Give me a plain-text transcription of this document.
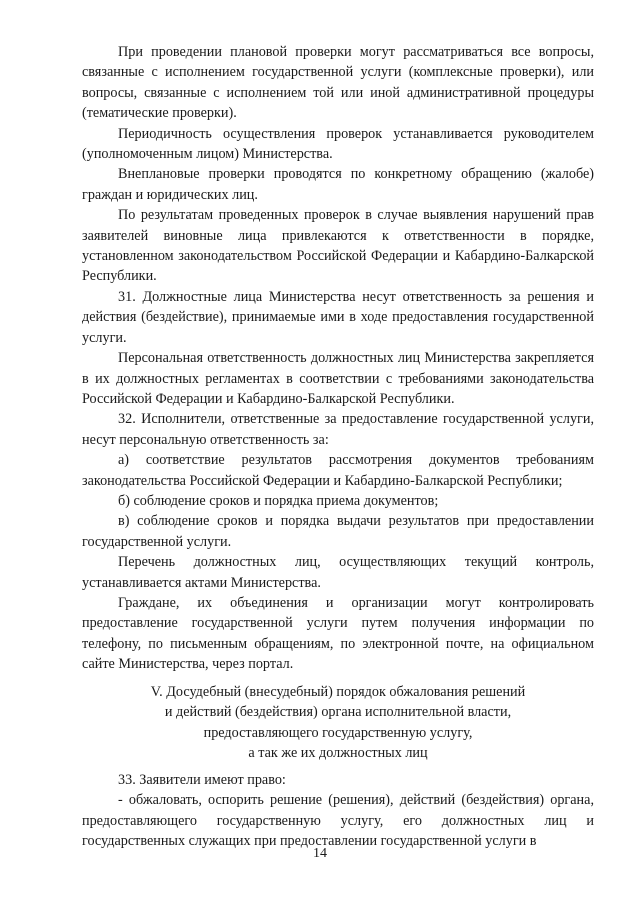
При проведении плановой проверки могут рассматриваться все вопросы, связанные с исполнением государственной услуги (комплексные проверки), или вопросы, связанные с исполнением той или иной административной процедуры (тематические проверки).

Периодичность осуществления проверок устанавливается руководителем (уполномоченным лицом) Министерства.

Внеплановые проверки проводятся по конкретному обращению (жалобе) граждан и юридических лиц.

По результатам проведенных проверок в случае выявления нарушений прав заявителей виновные лица привлекаются к ответственности в порядке, установленном законодательством Российской Федерации и Кабардино-Балкарской Республики.

31. Должностные лица Министерства несут ответственность за решения и действия (бездействие), принимаемые ими в ходе предоставления государственной услуги.

Персональная ответственность должностных лиц Министерства закрепляется в их должностных регламентах в соответствии с требованиями законодательства Российской Федерации и Кабардино-Балкарской Республики.

32. Исполнители, ответственные за предоставление государственной услуги, несут персональную ответственность за:

а) соответствие результатов рассмотрения документов требованиям законодательства Российской Федерации и Кабардино-Балкарской Республики;

б) соблюдение сроков и порядка приема документов;

в) соблюдение сроков и порядка выдачи результатов при предоставлении государственной услуги.

Перечень должностных лиц, осуществляющих текущий контроль, устанавливается актами Министерства.

Граждане, их объединения и организации могут контролировать предоставление государственной услуги путем получения информации по телефону, по письменным обращениям, по электронной почте, на официальном сайте Министерства, через портал.

V. Досудебный (внесудебный) порядок обжалования решений
и действий (бездействия) органа исполнительной власти,
предоставляющего государственную услугу,
а так же их должностных лиц

33. Заявители имеют право:

- обжаловать, оспорить решение (решения), действий (бездействия) органа, предоставляющего государственную услугу, его должностных лиц и государственных служащих при предоставлении государственной услуги в

14
